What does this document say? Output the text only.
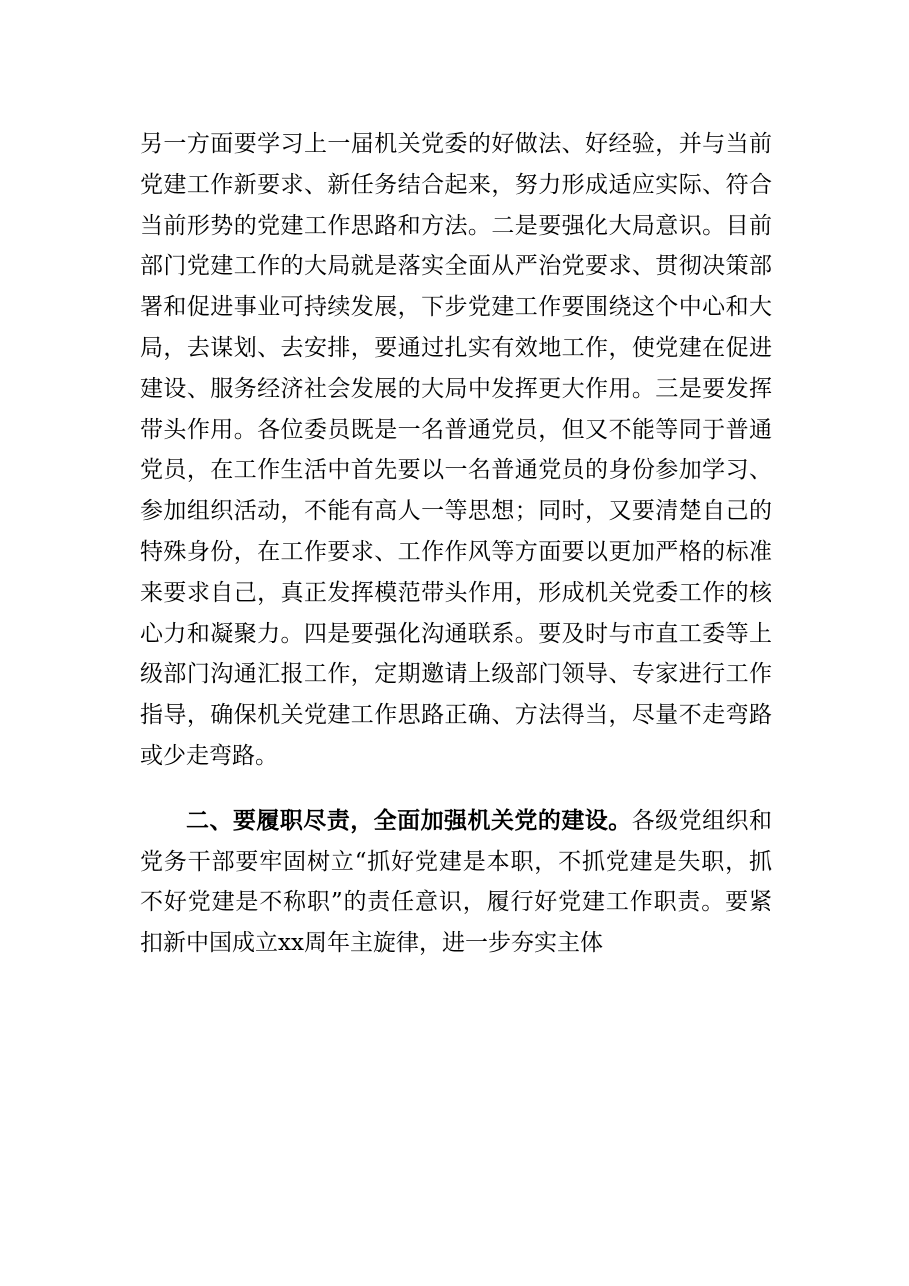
另一方面要学习上一届机关党委的好做法、好经验，并与当前党建工作新要求、新任务结合起来，努力形成适应实际、符合当前形势的党建工作思路和方法。二是要强化大局意识。目前部门党建工作的大局就是落实全面从严治党要求、贯彻决策部署和促进事业可持续发展，下步党建工作要围绕这个中心和大局，去谋划、去安排，要通过扎实有效地工作，使党建在促进建设、服务经济社会发展的大局中发挥更大作用。三是要发挥带头作用。各位委员既是一名普通党员，但又不能等同于普通党员，在工作生活中首先要以一名普通党员的身份参加学习、参加组织活动，不能有高人一等思想；同时，又要清楚自己的特殊身份，在工作要求、工作作风等方面要以更加严格的标准来要求自己，真正发挥模范带头作用，形成机关党委工作的核心力和凝聚力。四是要强化沟通联系。要及时与市直工委等上级部门沟通汇报工作，定期邀请上级部门领导、专家进行工作指导，确保机关党建工作思路正确、方法得当，尽量不走弯路或少走弯路。

二、要履职尽责，全面加强机关党的建设。各级党组织和党务干部要牢固树立“抓好党建是本职，不抓党建是失职，抓不好党建是不称职”的责任意识，履行好党建工作职责。要紧扣新中国成立xx周年主旋律，进一步夯实主体
